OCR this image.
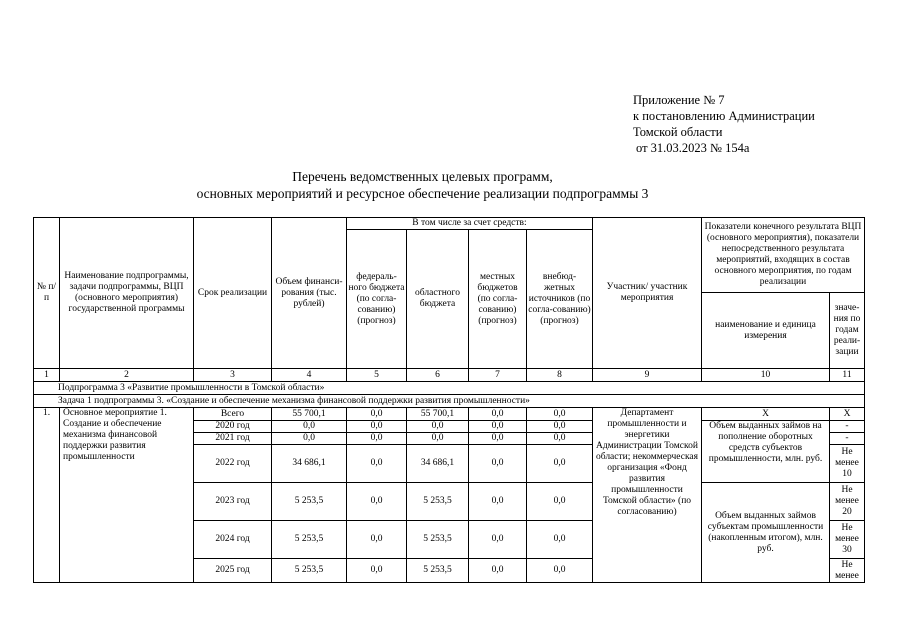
Приложение № 7
к постановлению Администрации
Томской области
от 31.03.2023 № 154а
Перечень ведомственных целевых программ,
основных мероприятий и ресурсное обеспечение реализации подпрограммы 3
№ п/п	Наименование подпрограммы, задачи подпрограммы, ВЦП (основного мероприятия) государственной программы	Срок реализации	Объем финанси-рования (тыс. рублей)	В том числе за счет средств:				Участник/ участник мероприятия	Показатели конечного результата ВЦП (основного мероприятия), показатели непосредственного результата мероприятий, входящих в состав основного мероприятия, по годам реализации	
				федераль-ного бюджета (по согла-сованию) (прогноз)	областного бюджета	местных бюджетов (по согла-сованию) (прогноз)	внебюд-жетных источников (по согла-сованию) (прогноз)			
									наименование и единица измерения	значе-ния по годам реали-зации
1	2	3	4	5	6	7	8	9	10	11
Подпрограмма 3 «Развитие промышленности в Томской области»										
Задача 1 подпрограммы 3. «Создание и обеспечение механизма финансовой поддержки развития промышленности»										
1.	Основное мероприятие 1. Создание и обеспечение механизма финансовой поддержки развития промышленности	Всего	55 700,1	0,0	55 700,1	0,0	0,0	Департамент промышленности и энергетики Администрации Томской области; некоммерческая организация «Фонд развития промышленности Томской области» (по согласованию)	X	X
		2020 год	0,0	0,0	0,0	0,0	0,0		Объем выданных займов на пополнение оборотных средств субъектов промышленности, млн. руб.	-
		2021 год	0,0	0,0	0,0	0,0	0,0			-
		2022 год	34 686,1	0,0	34 686,1	0,0	0,0			Не менее 10
		2023 год	5 253,5	0,0	5 253,5	0,0	0,0		Объем выданных займов субъектам промышленности (накопленным итогом), млн. руб.	Не менее 20
		2024 год	5 253,5	0,0	5 253,5	0,0	0,0			Не менее 30
		2025 год	5 253,5	0,0	5 253,5	0,0	0,0			Не менее
